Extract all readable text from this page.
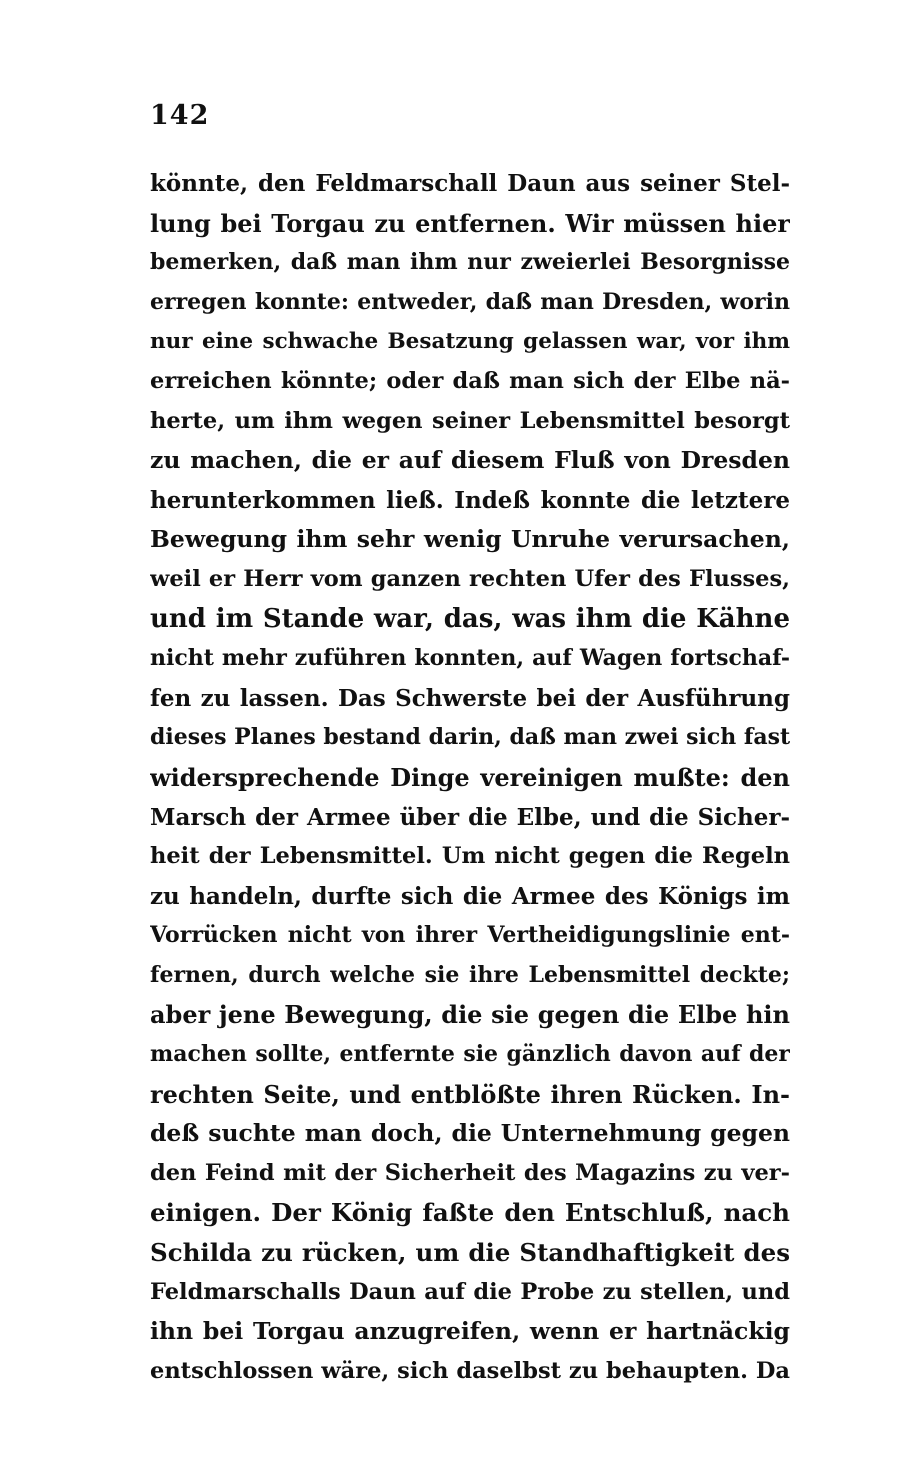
142
könnte, den Feldmarschall Daun aus seiner Stel-
lung bei Torgau zu entfernen. Wir müssen hier
bemerken, daß man ihm nur zweierlei Besorgnisse
erregen konnte: entweder, daß man Dresden, worin
nur eine schwache Besatzung gelassen war, vor ihm
erreichen könnte; oder daß man sich der Elbe nä-
herte, um ihm wegen seiner Lebensmittel besorgt
zu machen, die er auf diesem Fluß von Dresden
herunterkommen ließ. Indeß konnte die letztere
Bewegung ihm sehr wenig Unruhe verursachen,
weil er Herr vom ganzen rechten Ufer des Flusses,
und im Stande war, das, was ihm die Kähne
nicht mehr zuführen konnten, auf Wagen fortschaf-
fen zu lassen. Das Schwerste bei der Ausführung
dieses Planes bestand darin, daß man zwei sich fast
widersprechende Dinge vereinigen mußte: den
Marsch der Armee über die Elbe, und die Sicher-
heit der Lebensmittel. Um nicht gegen die Regeln
zu handeln, durfte sich die Armee des Königs im
Vorrücken nicht von ihrer Vertheidigungslinie ent-
fernen, durch welche sie ihre Lebensmittel deckte;
aber jene Bewegung, die sie gegen die Elbe hin
machen sollte, entfernte sie gänzlich davon auf der
rechten Seite, und entblößte ihren Rücken. In-
deß suchte man doch, die Unternehmung gegen
den Feind mit der Sicherheit des Magazins zu ver-
einigen. Der König faßte den Entschluß, nach
Schilda zu rücken, um die Standhaftigkeit des
Feldmarschalls Daun auf die Probe zu stellen, und
ihn bei Torgau anzugreifen, wenn er hartnäckig
entschlossen wäre, sich daselbst zu behaupten. Da
